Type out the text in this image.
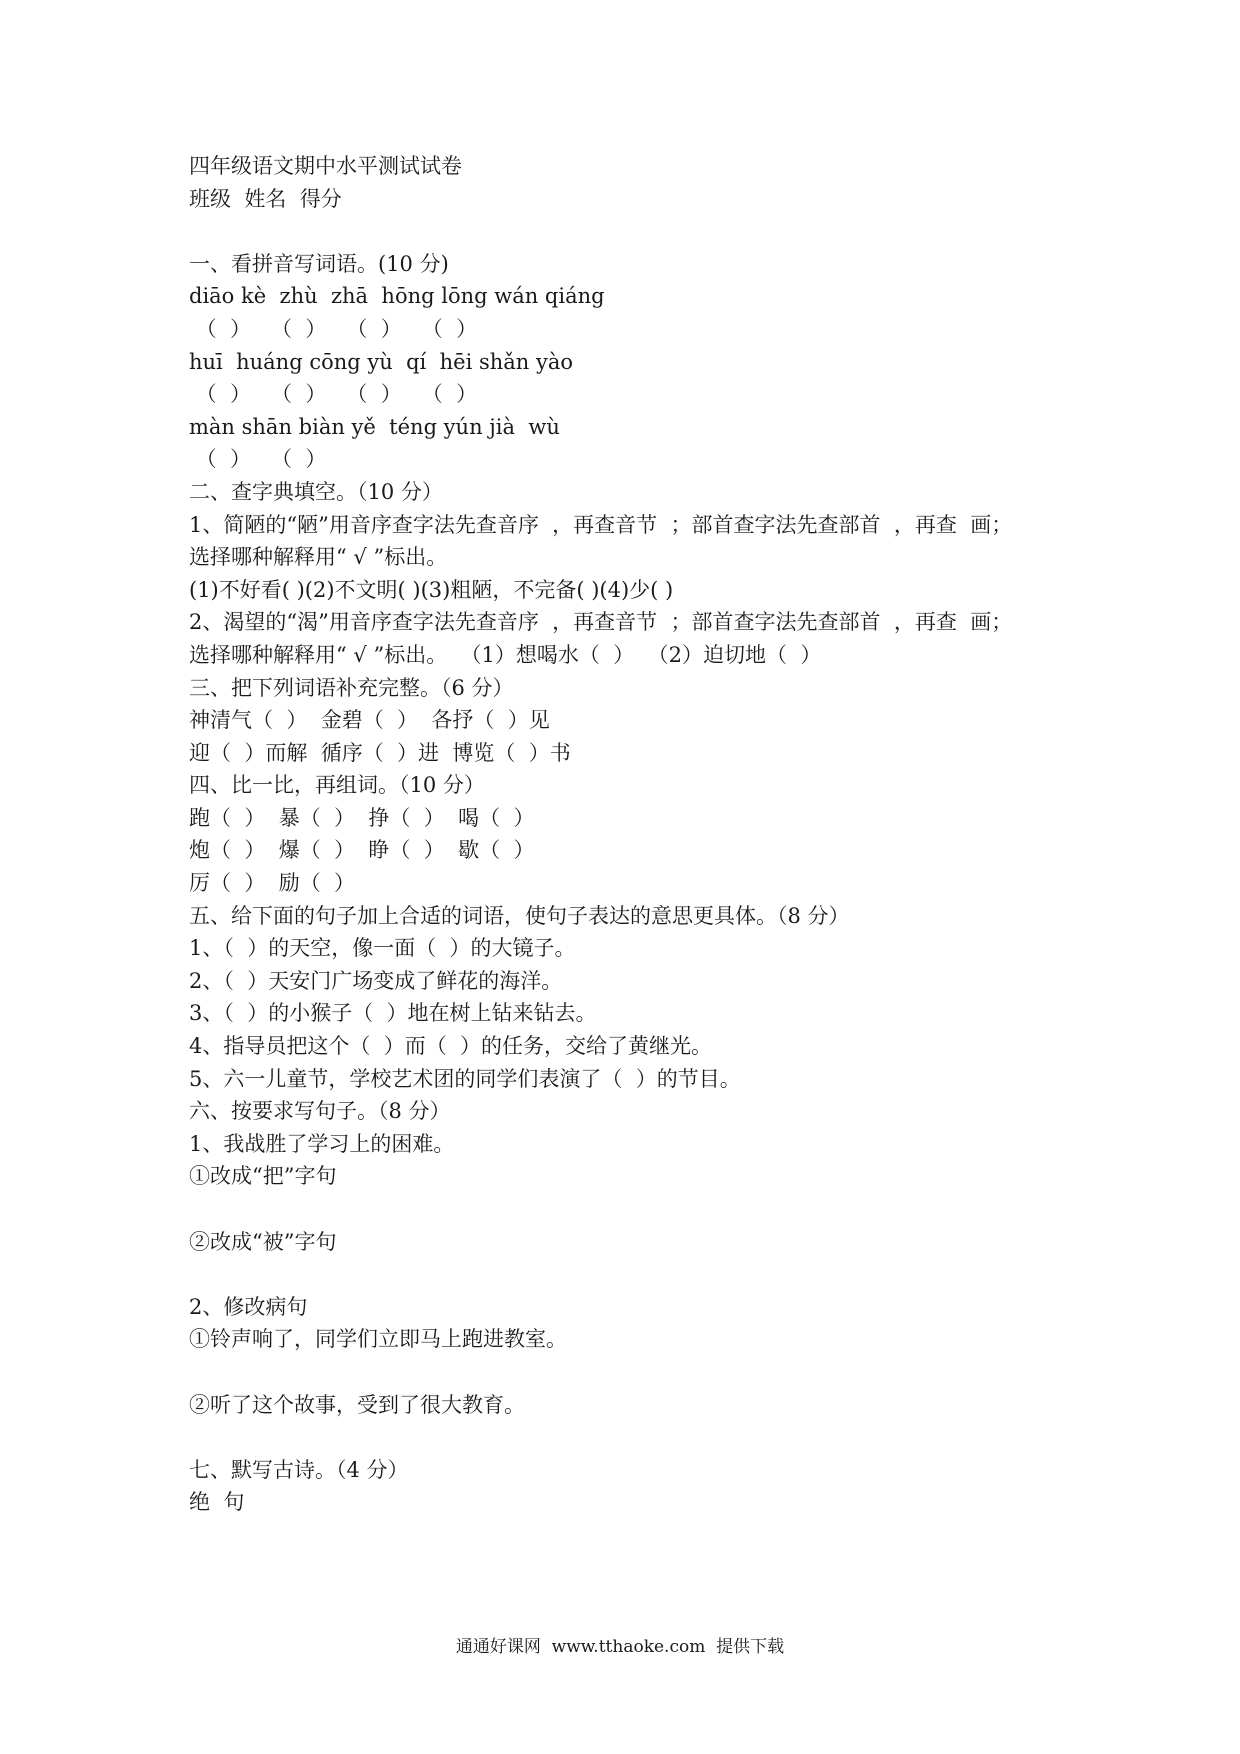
四年级语文期中水平测试试卷
班级  姓名  得分
一、看拼音写词语。(10 分)
diāo kè  zhù  zhā  hōng lōng wán qiáng
（  ）   （  ）   （  ）   （  ）
huī  huáng cōng yù  qí  hēi shǎn yào
（  ）   （  ）   （  ）   （  ）
màn shān biàn yě  téng yún jià  wù
（  ）   （  ）
二、查字典填空。（10 分）
1、简陋的“陋”用音序查字法先查音序  ，再查音节  ；部首查字法先查部首  ，再查  画；
选择哪种解释用“ √ ”标出。
(1)不好看( )(2)不文明( )(3)粗陋，不完备( )(4)少( )
2、渴望的“渴”用音序查字法先查音序  ，再查音节  ；部首查字法先查部首  ，再查  画；
选择哪种解释用“ √ ”标出。  （1）想喝水（  ）  （2）迫切地（  ）
三、把下列词语补充完整。（6 分）
神清气（  ）  金碧（  ）  各抒（  ）见
迎（  ）而解  循序（  ）进  博览（  ）书
四、比一比，再组词。（10 分）
跑（  ）  暴（  ）  挣（  ）  喝（  ）
炮（  ）  爆（  ）  睁（  ）  歇（  ）
厉（  ）  励（  ）
五、给下面的句子加上合适的词语，使句子表达的意思更具体。（8 分）
1、（  ）的天空，像一面（  ）的大镜子。
2、（  ）天安门广场变成了鲜花的海洋。
3、（  ）的小猴子（  ）地在树上钻来钻去。
4、指导员把这个（  ）而（  ）的任务，交给了黄继光。
5、六一儿童节，学校艺术团的同学们表演了（  ）的节目。
六、按要求写句子。（8 分）
1、我战胜了学习上的困难。
①改成“把”字句
②改成“被”字句
2、修改病句
①铃声响了，同学们立即马上跑进教室。
②听了这个故事，受到了很大教育。
七、默写古诗。（4 分）
绝  句
通通好课网  www.tthaoke.com  提供下载
